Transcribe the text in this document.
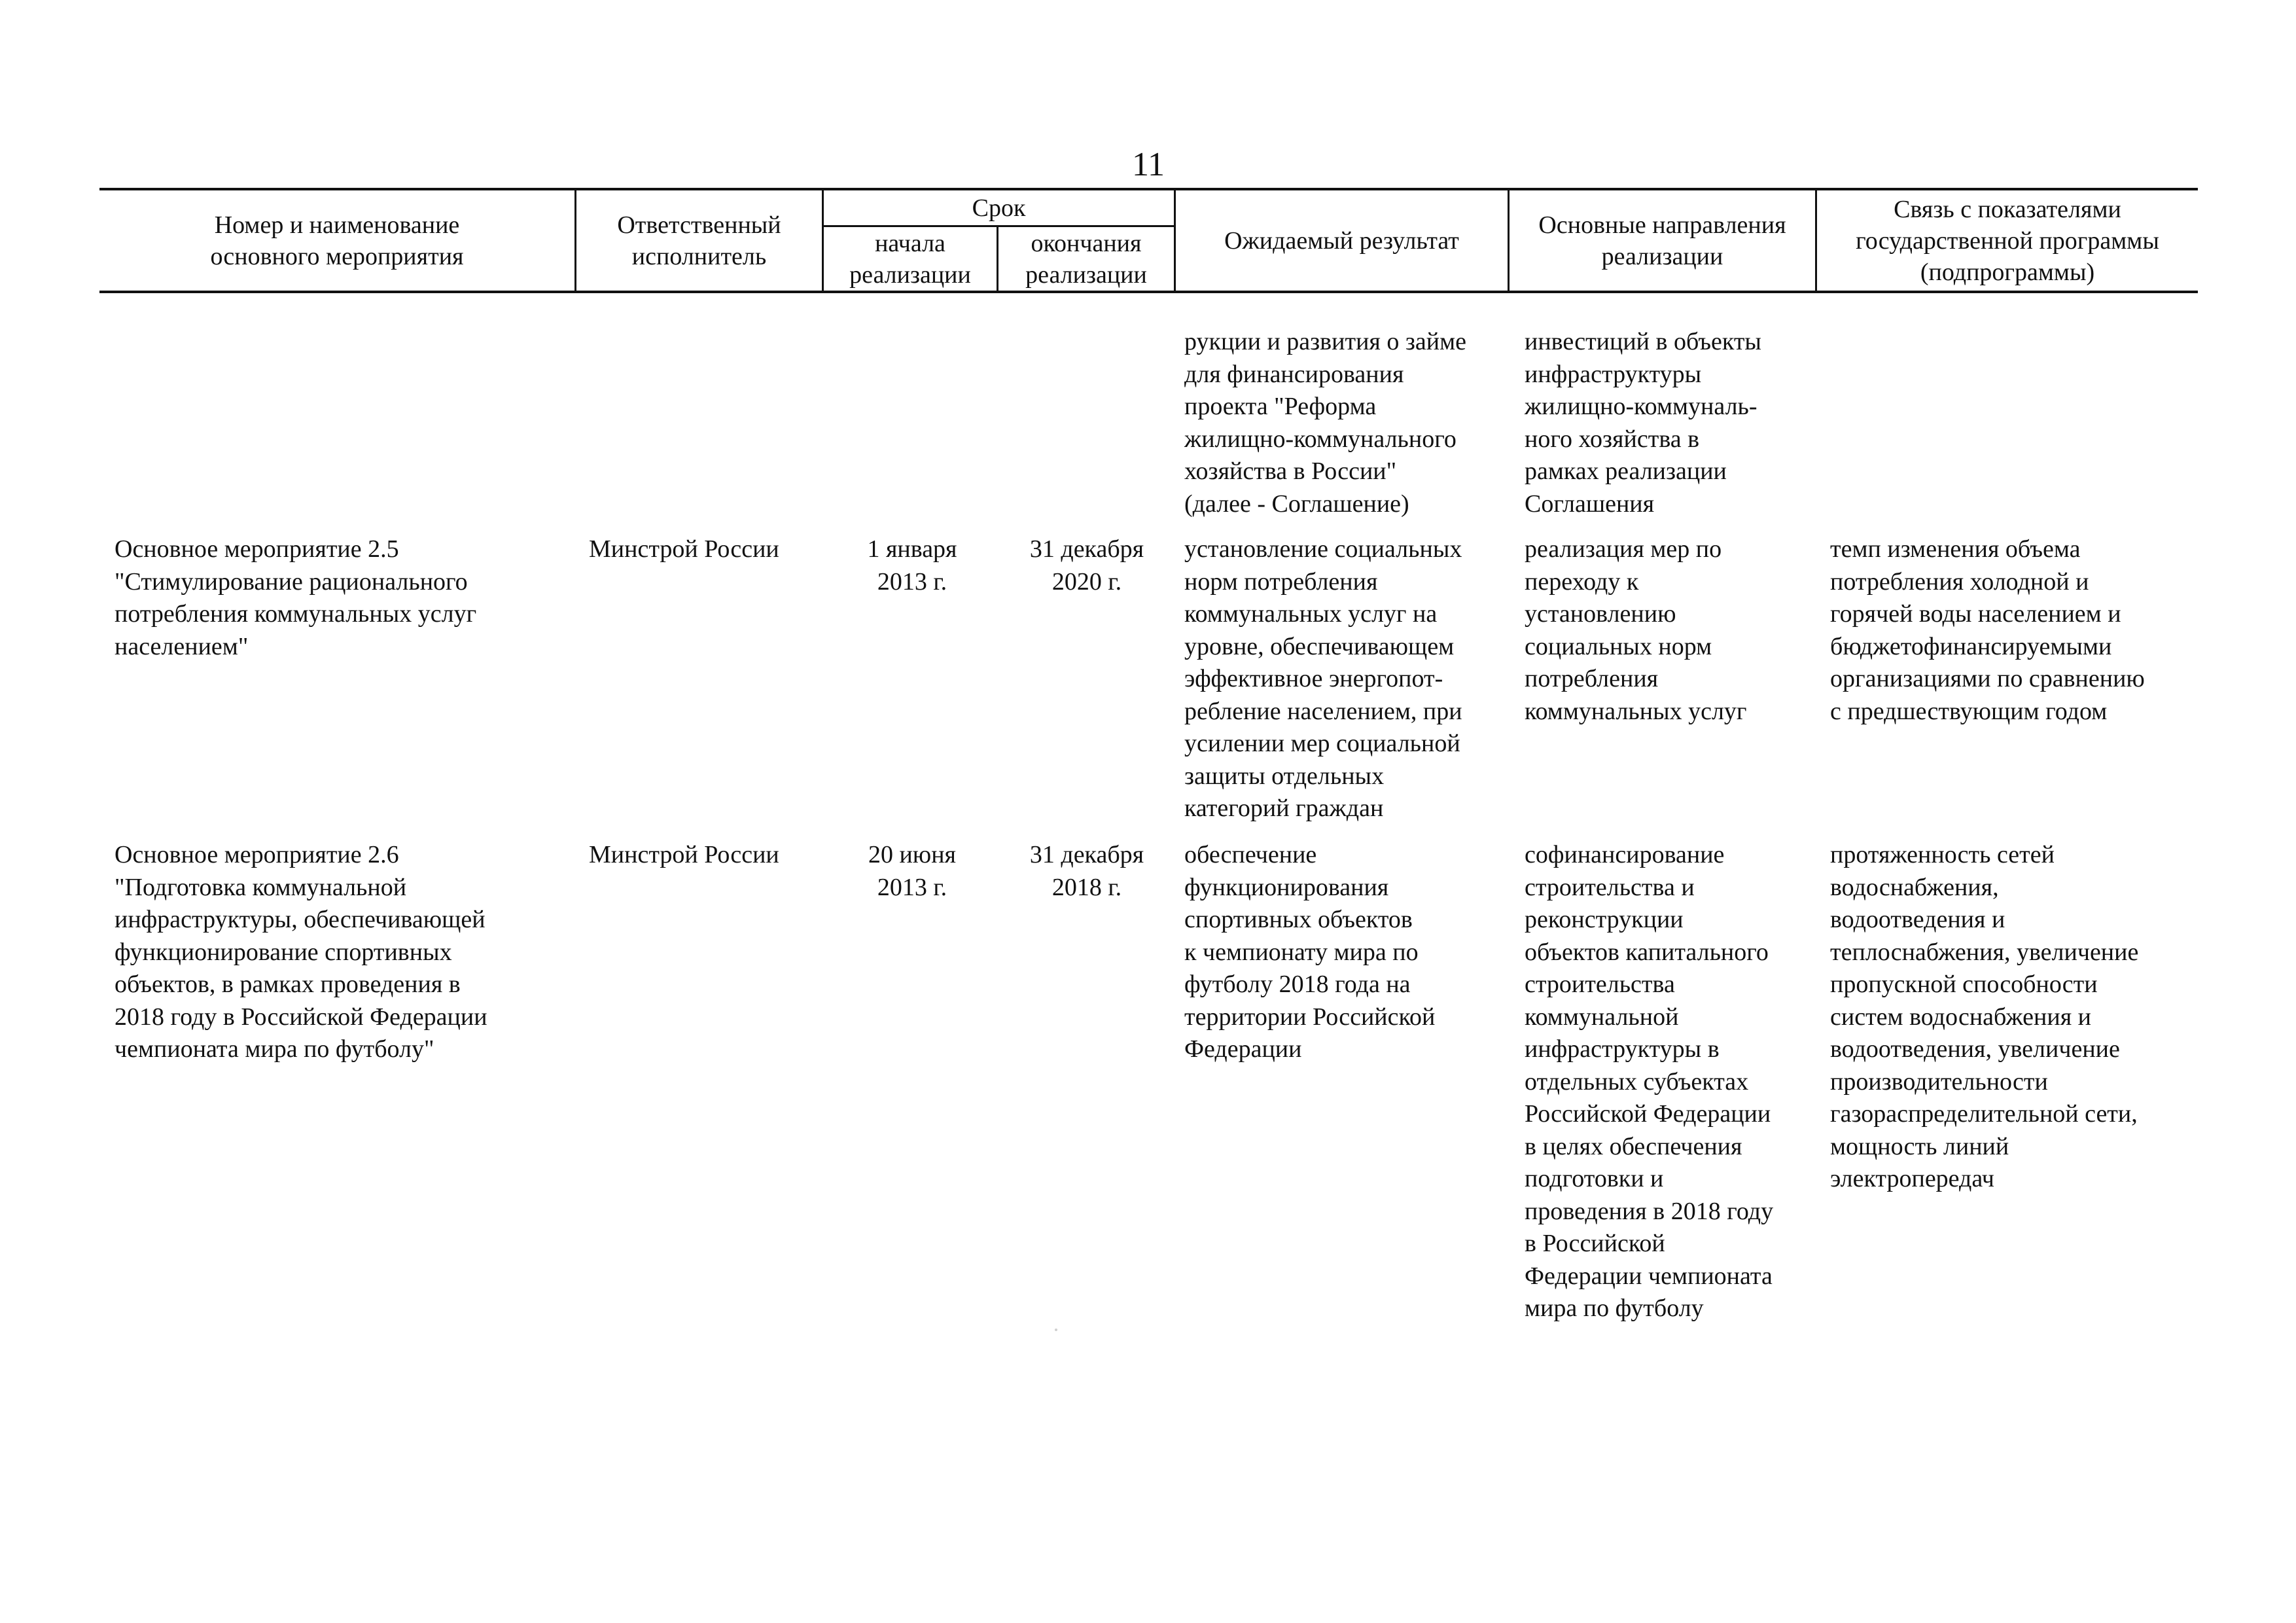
11
Номер и наименование
основного мероприятия
Ответственный
исполнитель
Срок
начала
реализации
окончания
реализации
Ожидаемый результат
Основные направления
реализации
Связь с показателями
государственной программы
(подпрограммы)
рукции и развития о займе
для финансирования
проекта "Реформа
жилищно-коммунального
хозяйства в России"
(далее - Соглашение)
инвестиций в объекты
инфраструктуры
жилищно-коммуналь-
ного хозяйства в
рамках реализации
Соглашения
Основное мероприятие 2.5
"Стимулирование рационального
потребления коммунальных услуг
населением"
Минстрой России	1 января
2013 г.
31 декабря
2020 г.
установление социальных
норм потребления
коммунальных услуг на
уровне, обеспечивающем
эффективное энергопот-
ребление населением, при
усилении мер социальной
защиты отдельных
категорий граждан
реализация мер по
переходу к
установлению
социальных норм
потребления
коммунальных услуг
темп изменения объема
потребления холодной и
горячей воды населением и
бюджетофинансируемыми
организациями по сравнению
с предшествующим годом
Основное мероприятие 2.6
"Подготовка коммунальной
инфраструктуры, обеспечивающей
функционирование спортивных
объектов, в рамках проведения в
2018 году в Российской Федерации
чемпионата мира по футболу"
Минстрой России	20 июня
2013 г.
31 декабря
2018 г.
обеспечение
функционирования
спортивных объектов
к чемпионату мира по
футболу 2018 года на
территории Российской
Федерации
софинансирование
строительства и
реконструкции
объектов капитального
строительства
коммунальной
инфраструктуры в
отдельных субъектах
Российской Федерации
в целях обеспечения
подготовки и
проведения в 2018 году
в Российской
Федерации чемпионата
мира по футболу
протяженность сетей
водоснабжения,
водоотведения и
теплоснабжения, увеличение
пропускной способности
систем водоснабжения и
водоотведения, увеличение
производительности
газораспределительной сети,
мощность линий
электропередач
